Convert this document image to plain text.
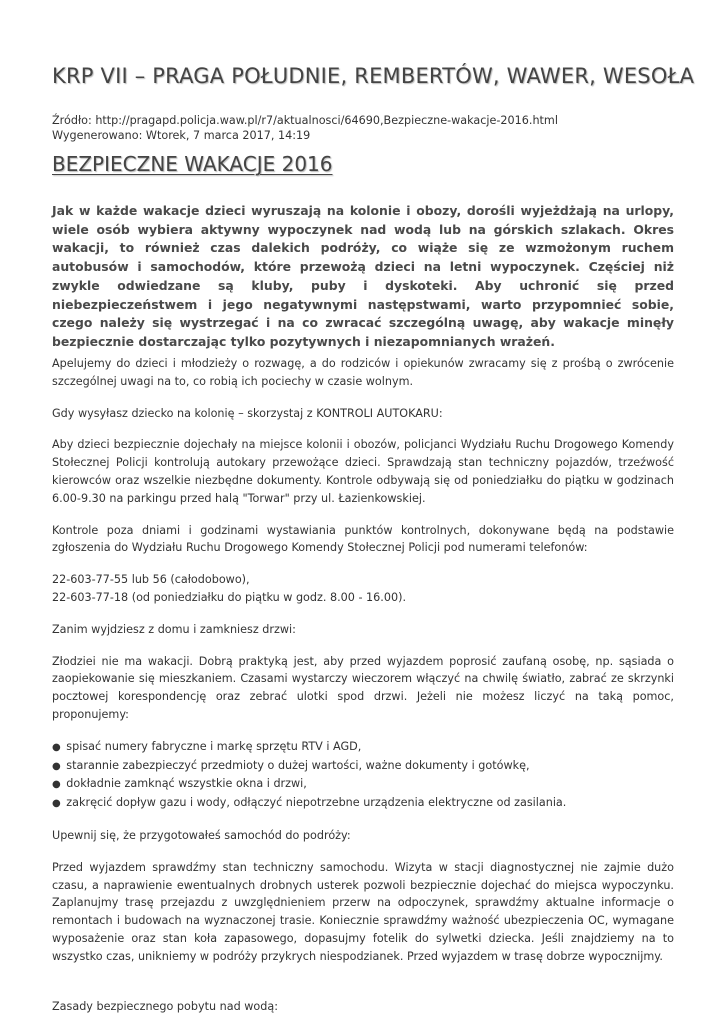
KRP VII – PRAGA POŁUDNIE, REMBERTÓW, WAWER, WESOŁA
Źródło: http://pragapd.policja.waw.pl/r7/aktualnosci/64690,Bezpieczne-wakacje-2016.html
Wygenerowano: Wtorek, 7 marca 2017, 14:19
BEZPIECZNE WAKACJE 2016

Jak w każde wakacje dzieci wyruszają na kolonie i obozy, dorośli wyjeżdżają na urlopy, wiele osób wybiera aktywny wypoczynek nad wodą lub na górskich szlakach. Okres wakacji, to również czas dalekich podróży, co wiąże się ze wzmożonym ruchem autobusów i samochodów, które przewożą dzieci na letni wypoczynek. Częściej niż zwykle odwiedzane są kluby, puby i dyskoteki. Aby uchronić się przed niebezpieczeństwem i jego negatywnymi następstwami, warto przypomnieć sobie, czego należy się wystrzegać i na co zwracać szczególną uwagę, aby wakacje minęły bezpiecznie dostarczając tylko pozytywnych i niezapomnianych wrażeń.

Apelujemy do dzieci i młodzieży o rozwagę, a do rodziców i opiekunów zwracamy się z prośbą o zwrócenie szczególnej uwagi na to, co robią ich pociechy w czasie wolnym.

Gdy wysyłasz dziecko na kolonię – skorzystaj z KONTROLI AUTOKARU:

Aby dzieci bezpiecznie dojechały na miejsce kolonii i obozów, policjanci Wydziału Ruchu Drogowego Komendy Stołecznej Policji kontrolują autokary przewożące dzieci. Sprawdzają stan techniczny pojazdów, trzeźwość kierowców oraz wszelkie niezbędne dokumenty. Kontrole odbywają się od poniedziałku do piątku w godzinach 6.00-9.30 na parkingu przed halą "Torwar" przy ul. Łazienkowskiej.

Kontrole poza dniami i godzinami wystawiania punktów kontrolnych, dokonywane będą na podstawie zgłoszenia do Wydziału Ruchu Drogowego Komendy Stołecznej Policji pod numerami telefonów:

22-603-77-55 lub 56 (całodobowo),
22-603-77-18 (od poniedziałku do piątku w godz. 8.00 - 16.00).

Zanim wyjdziesz z domu i zamkniesz drzwi:

Złodziei nie ma wakacji. Dobrą praktyką jest, aby przed wyjazdem poprosić zaufaną osobę, np. sąsiada o zaopiekowanie się mieszkaniem. Czasami wystarczy wieczorem włączyć na chwilę światło, zabrać ze skrzynki pocztowej korespondencję oraz zebrać ulotki spod drzwi. Jeżeli nie możesz liczyć na taką pomoc, proponujemy:

● spisać numery fabryczne i markę sprzętu RTV i AGD,
● starannie zabezpieczyć przedmioty o dużej wartości, ważne dokumenty i gotówkę,
● dokładnie zamknąć wszystkie okna i drzwi,
● zakręcić dopływ gazu i wody, odłączyć niepotrzebne urządzenia elektryczne od zasilania.

Upewnij się, że przygotowałeś samochód do podróży:

Przed wyjazdem sprawdźmy stan techniczny samochodu. Wizyta w stacji diagnostycznej nie zajmie dużo czasu, a naprawienie ewentualnych drobnych usterek pozwoli bezpiecznie dojechać do miejsca wypoczynku. Zaplanujmy trasę przejazdu z uwzględnieniem przerw na odpoczynek, sprawdźmy aktualne informacje o remontach i budowach na wyznaczonej trasie. Koniecznie sprawdźmy ważność ubezpieczenia OC, wymagane wyposażenie oraz stan koła zapasowego, dopasujmy fotelik do sylwetki dziecka. Jeśli znajdziemy na to wszystko czas, unikniemy w podróży przykrych niespodzianek. Przed wyjazdem w trasę dobrze wypocznijmy.

Zasady bezpiecznego pobytu nad wodą:
